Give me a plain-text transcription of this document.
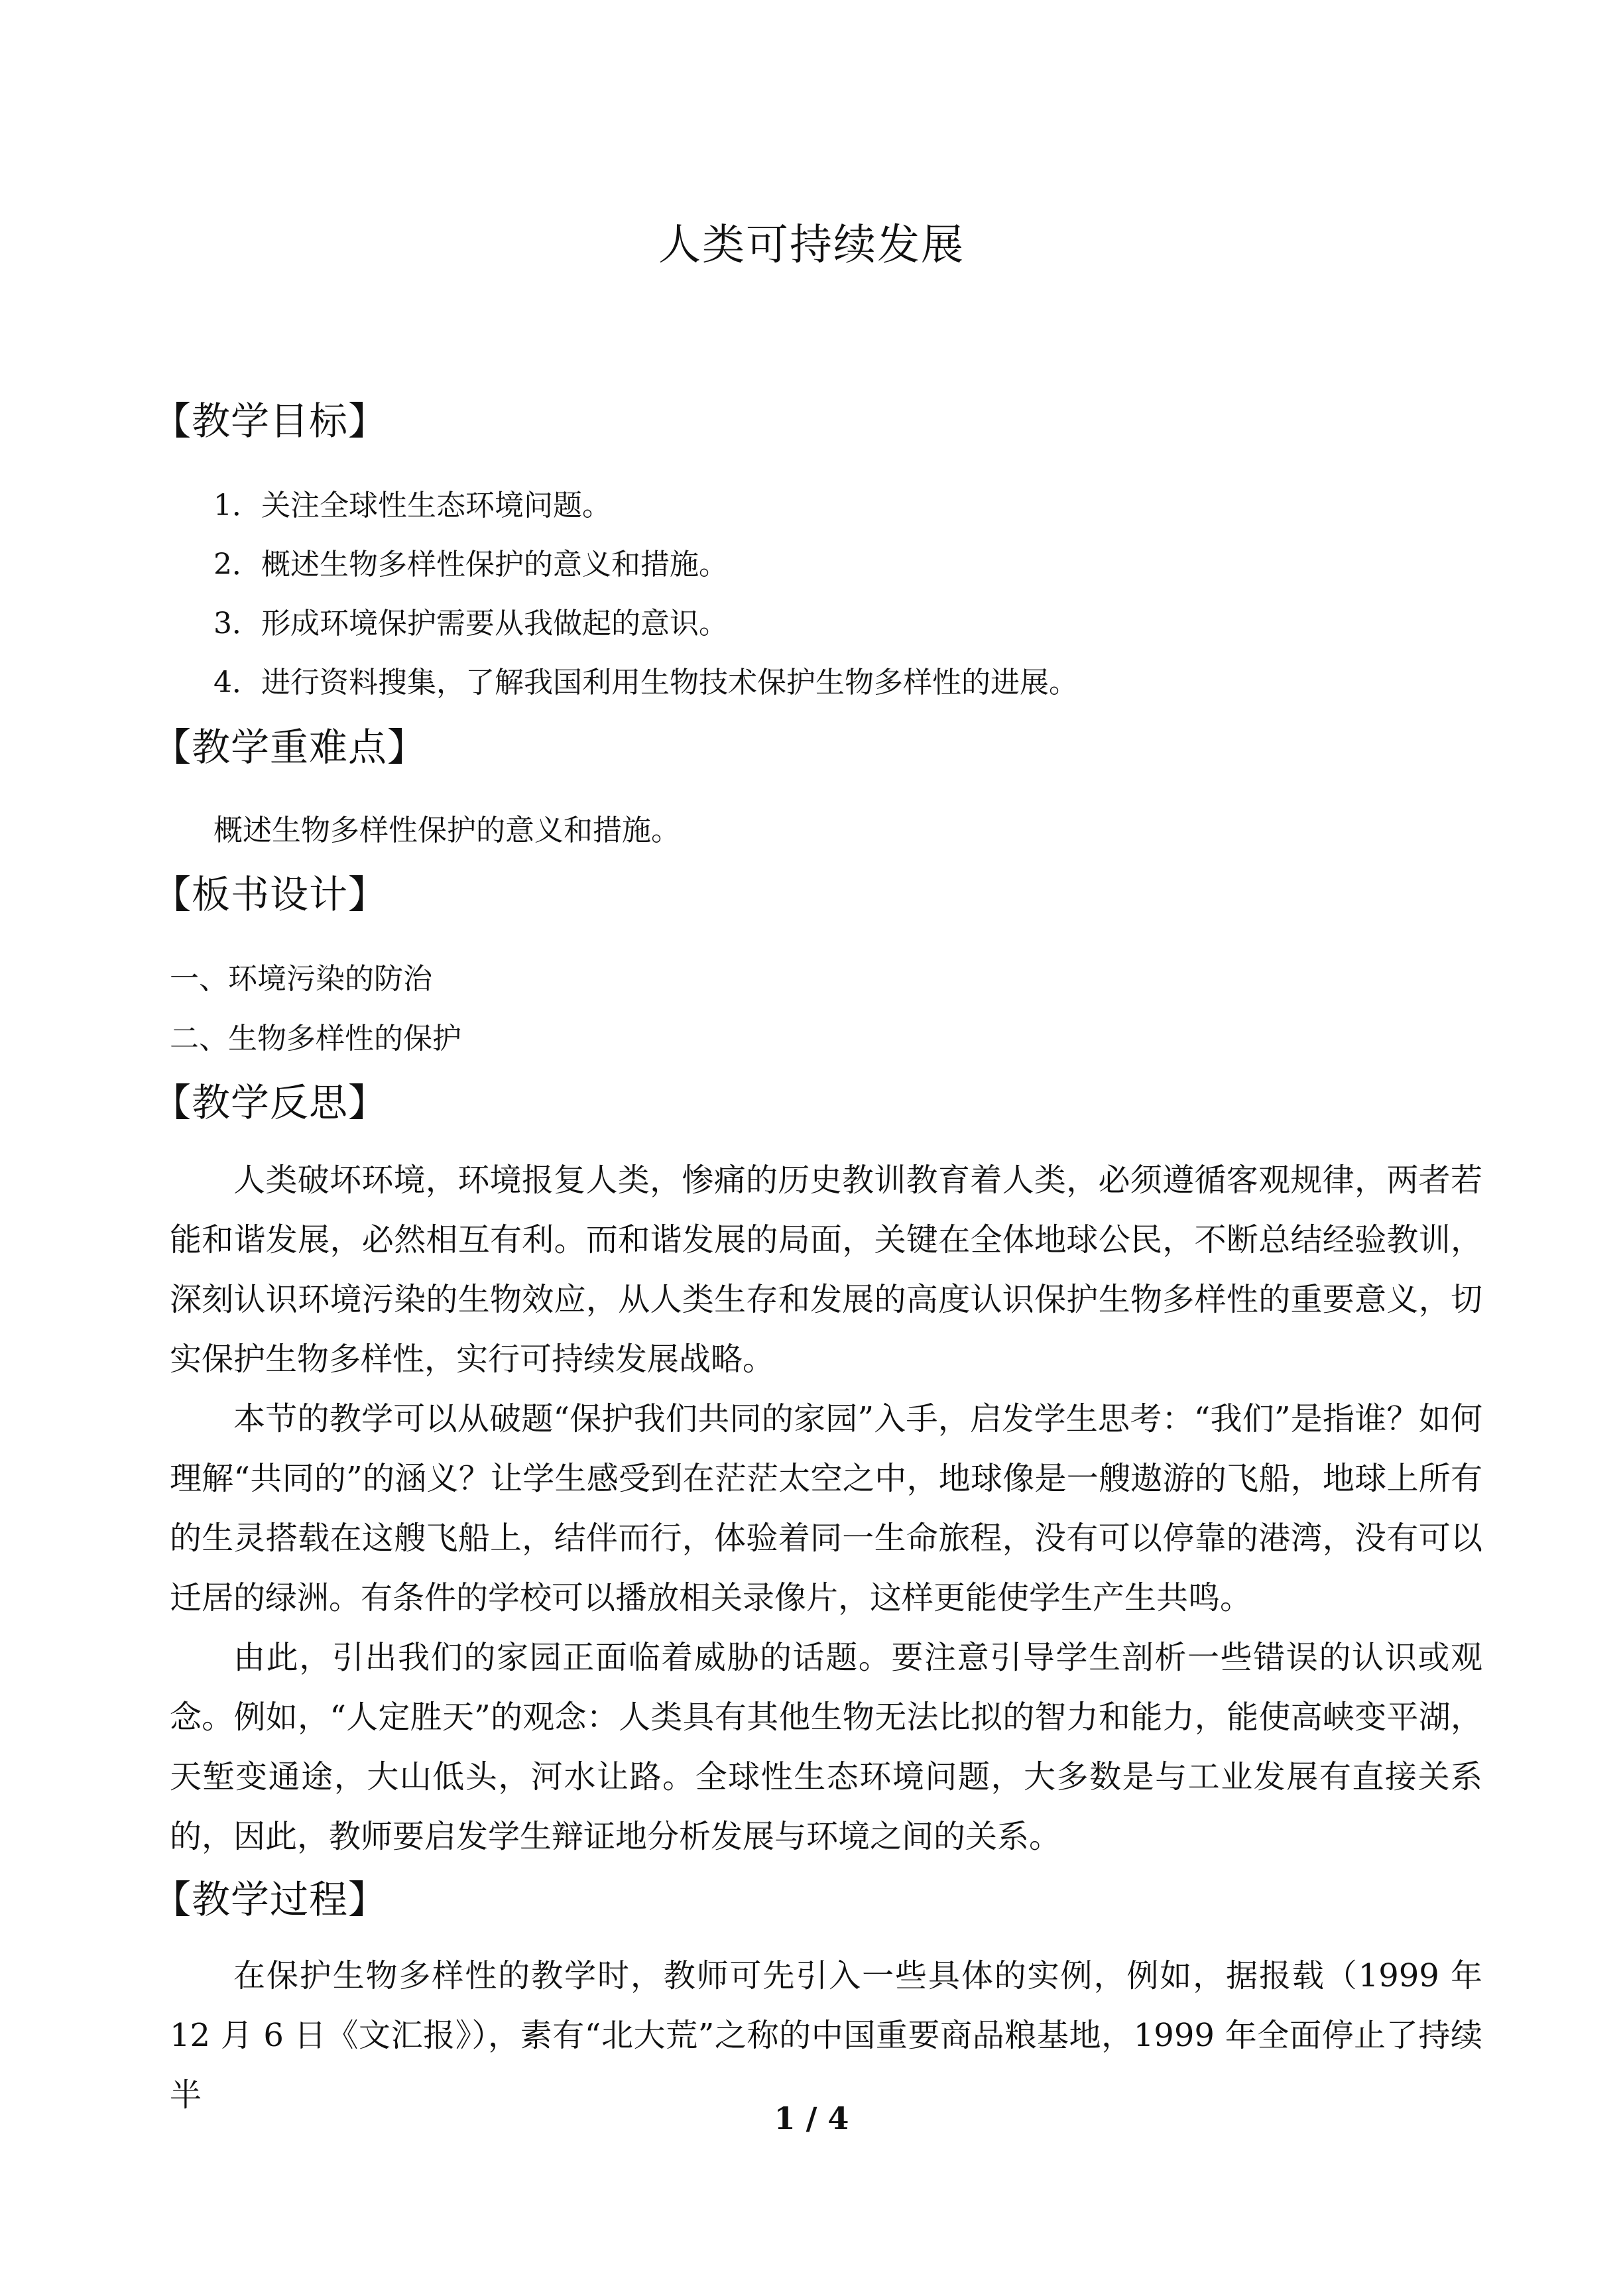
人类可持续发展
【教学目标】
1．关注全球性生态环境问题。
2．概述生物多样性保护的意义和措施。
3．形成环境保护需要从我做起的意识。
4．进行资料搜集，了解我国利用生物技术保护生物多样性的进展。
【教学重难点】
概述生物多样性保护的意义和措施。
【板书设计】
一、环境污染的防治
二、生物多样性的保护
【教学反思】
人类破坏环境，环境报复人类，惨痛的历史教训教育着人类，必须遵循客观规律，两者若能和谐发展，必然相互有利。而和谐发展的局面，关键在全体地球公民，不断总结经验教训，深刻认识环境污染的生物效应，从人类生存和发展的高度认识保护生物多样性的重要意义，切实保护生物多样性，实行可持续发展战略。
本节的教学可以从破题“保护我们共同的家园”入手，启发学生思考：“我们”是指谁？如何理解“共同的”的涵义？让学生感受到在茫茫太空之中，地球像是一艘遨游的飞船，地球上所有的生灵搭载在这艘飞船上，结伴而行，体验着同一生命旅程，没有可以停靠的港湾，没有可以迁居的绿洲。有条件的学校可以播放相关录像片，这样更能使学生产生共鸣。
由此，引出我们的家园正面临着威胁的话题。要注意引导学生剖析一些错误的认识或观念。例如，“人定胜天”的观念：人类具有其他生物无法比拟的智力和能力，能使高峡变平湖，天堑变通途，大山低头，河水让路。全球性生态环境问题，大多数是与工业发展有直接关系的，因此，教师要启发学生辩证地分析发展与环境之间的关系。
【教学过程】
在保护生物多样性的教学时，教师可先引入一些具体的实例，例如，据报载（1999 年 12 月 6 日《文汇报》），素有“北大荒”之称的中国重要商品粮基地，1999 年全面停止了持续半
1 / 4
